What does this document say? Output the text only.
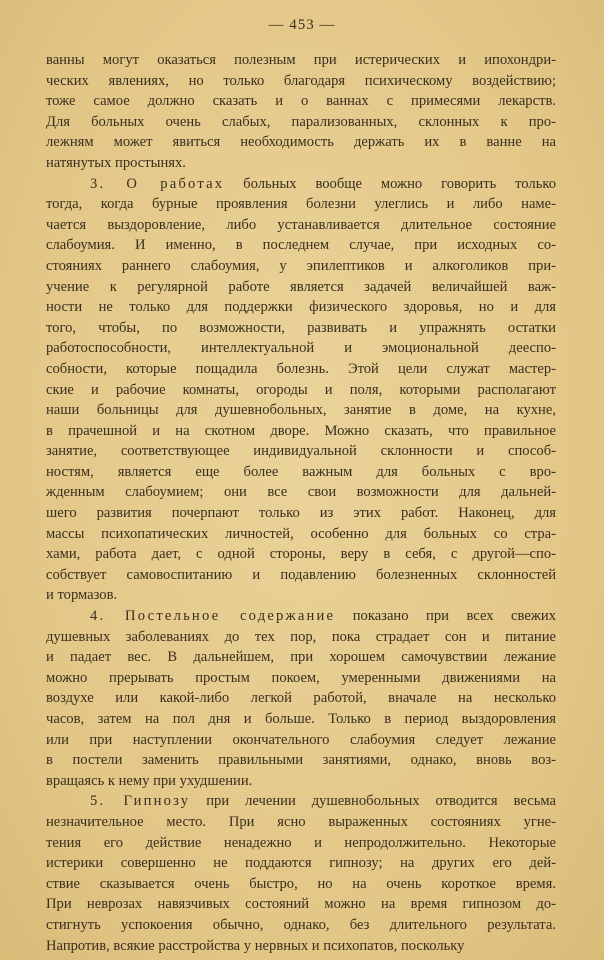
— 453 —
ванны могут оказаться полезным при истерических и ипохондри-
ческих явлениях, но только благодаря психическому воздействию;
тоже самое должно сказать и о ваннах с примесями лекарств.
Для больных очень слабых, парализованных, склонных к про-
лежням может явиться необходимость держать их в ванне на
натянутых простынях.
3. О работах больных вообще можно говорить только
тогда, когда бурные проявления болезни улеглись и либо наме-
чается выздоровление, либо устанавливается длительное состояние
слабоумия. И именно, в последнем случае, при исходных со-
стояниях раннего слабоумия, у эпилептиков и алкоголиков при-
учение к регулярной работе является задачей величайшей важ-
ности не только для поддержки физического здоровья, но и для
того, чтобы, по возможности, развивать и упражнять остатки
работоспособности, интеллектуальной и эмоциональной дееспо-
собности, которые пощадила болезнь. Этой цели служат мастер-
ские и рабочие комнаты, огороды и поля, которыми располагают
наши больницы для душевнобольных, занятие в доме, на кухне,
в прачешной и на скотном дворе. Можно сказать, что правильное
занятие, соответствующее индивидуальной склонности и способ-
ностям, является еще более важным для больных с вро-
жденным слабоумием; они все свои возможности для дальней-
шего развития почерпают только из этих работ. Наконец, для
массы психопатических личностей, особенно для больных со стра-
хами, работа дает, с одной стороны, веру в себя, с другой—спо-
собствует самовоспитанию и подавлению болезненных склонностей
и тормазов.
4. Постельное содержание показано при всех свежих
душевных заболеваниях до тех пор, пока страдает сон и питание
и падает вес. В дальнейшем, при хорошем самочувствии лежание
можно прерывать простым покоем, умеренными движениями на
воздухе или какой-либо легкой работой, вначале на несколько
часов, затем на пол дня и больше. Только в период выздоровления
или при наступлении окончательного слабоумия следует лежание
в постели заменить правильными занятиями, однако, вновь воз-
вращаясь к нему при ухудшении.
5. Гипнозу при лечении душевнобольных отводится весьма
незначительное место. При ясно выраженных состояниях угне-
тения его действие ненадежно и непродолжительно. Некоторые
истерики совершенно не поддаются гипнозу; на других его дей-
ствие сказывается очень быстро, но на очень короткое время.
При неврозах навязчивых состояний можно на время гипнозом до-
стигнуть успокоения обычно, однако, без длительного результата.
Напротив, всякие расстройства у нервных и психопатов, поскольку
